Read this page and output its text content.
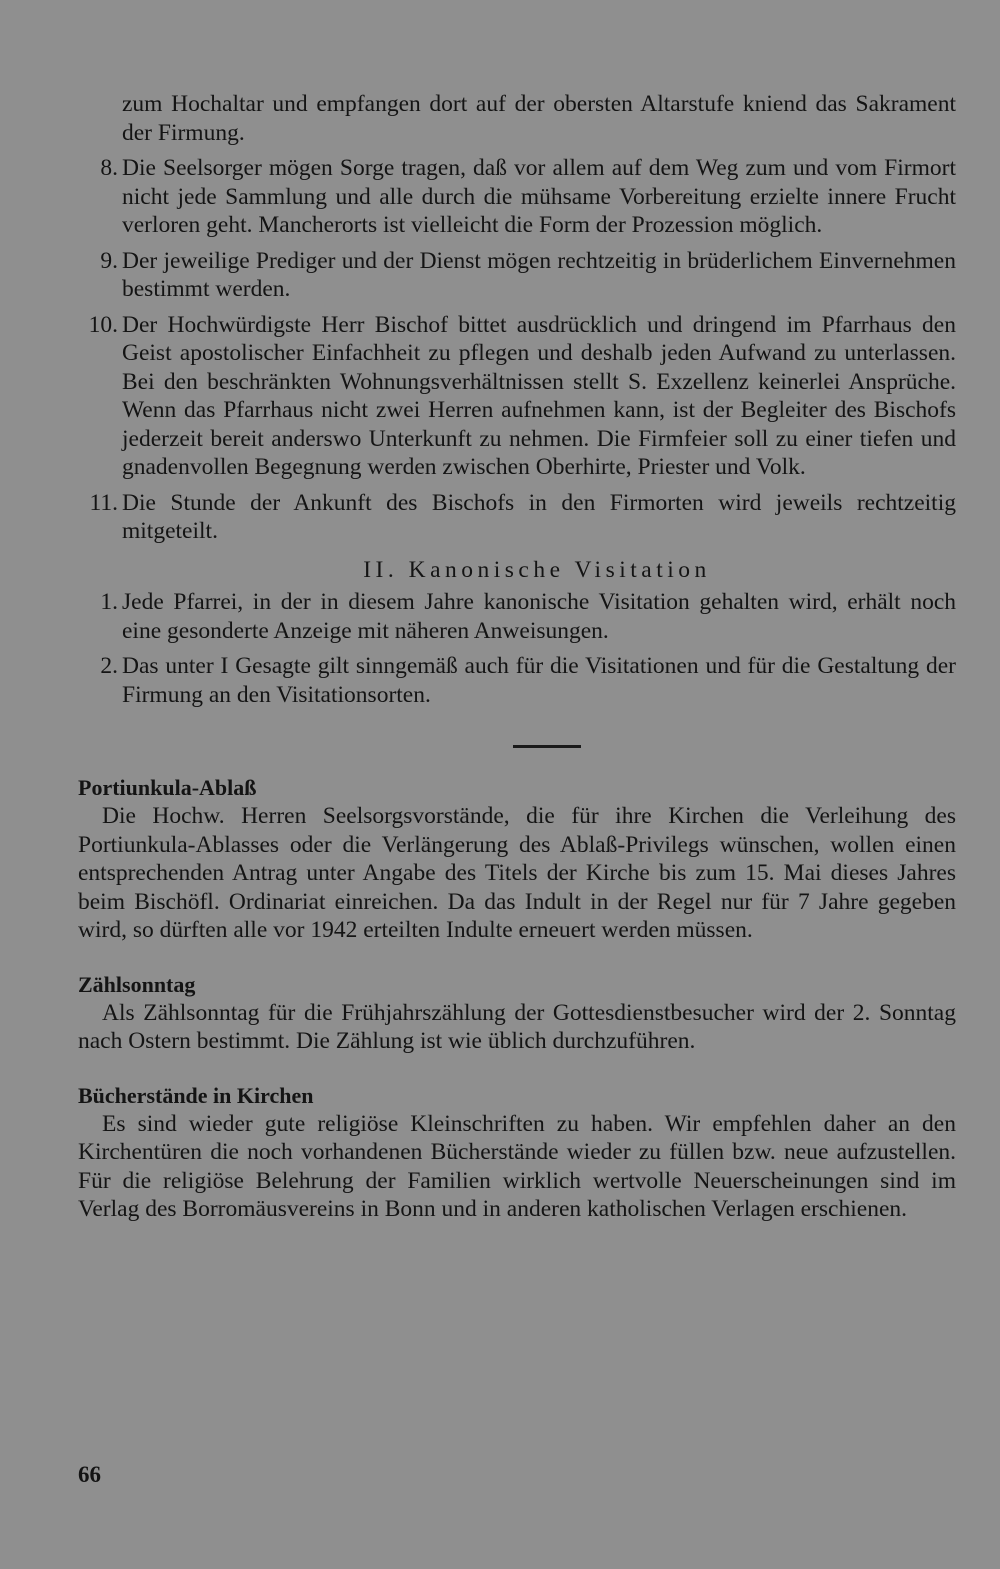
zum Hochaltar und empfangen dort auf der obersten Altarstufe kniend das Sakrament der Firmung.
8. Die Seelsorger mögen Sorge tragen, daß vor allem auf dem Weg zum und vom Firmort nicht jede Sammlung und alle durch die mühsame Vorbereitung erzielte innere Frucht verloren geht. Mancherorts ist vielleicht die Form der Prozession möglich.
9. Der jeweilige Prediger und der Dienst mögen rechtzeitig in brüderlichem Einvernehmen bestimmt werden.
10. Der Hochwürdigste Herr Bischof bittet ausdrücklich und dringend im Pfarrhaus den Geist apostolischer Einfachheit zu pflegen und deshalb jeden Aufwand zu unterlassen. Bei den beschränkten Wohnungsverhältnissen stellt S. Exzellenz keinerlei Ansprüche. Wenn das Pfarrhaus nicht zwei Herren aufnehmen kann, ist der Begleiter des Bischofs jederzeit bereit anderswo Unterkunft zu nehmen. Die Firmfeier soll zu einer tiefen und gnadenvollen Begegnung werden zwischen Oberhirte, Priester und Volk.
11. Die Stunde der Ankunft des Bischofs in den Firmorten wird jeweils rechtzeitig mitgeteilt.
II. Kanonische Visitation
1. Jede Pfarrei, in der in diesem Jahre kanonische Visitation gehalten wird, erhält noch eine gesonderte Anzeige mit näheren Anweisungen.
2. Das unter I Gesagte gilt sinngemäß auch für die Visitationen und für die Gestaltung der Firmung an den Visitationsorten.
Portiunkula-Ablaß
Die Hochw. Herren Seelsorgsvorstände, die für ihre Kirchen die Verleihung des Portiunkula-Ablasses oder die Verlängerung des Ablaß-Privilegs wünschen, wollen einen entsprechenden Antrag unter Angabe des Titels der Kirche bis zum 15. Mai dieses Jahres beim Bischöfl. Ordinariat einreichen. Da das Indult in der Regel nur für 7 Jahre gegeben wird, so dürften alle vor 1942 erteilten Indulte erneuert werden müssen.
Zählsonntag
Als Zählsonntag für die Frühjahrszählung der Gottesdienstbesucher wird der 2. Sonntag nach Ostern bestimmt. Die Zählung ist wie üblich durchzuführen.
Bücherstände in Kirchen
Es sind wieder gute religiöse Kleinschriften zu haben. Wir empfehlen daher an den Kirchentüren die noch vorhandenen Bücherstände wieder zu füllen bzw. neue aufzustellen. Für die religiöse Belehrung der Familien wirklich wertvolle Neuerscheinungen sind im Verlag des Borromäusvereins in Bonn und in anderen katholischen Verlagen erschienen.
66
